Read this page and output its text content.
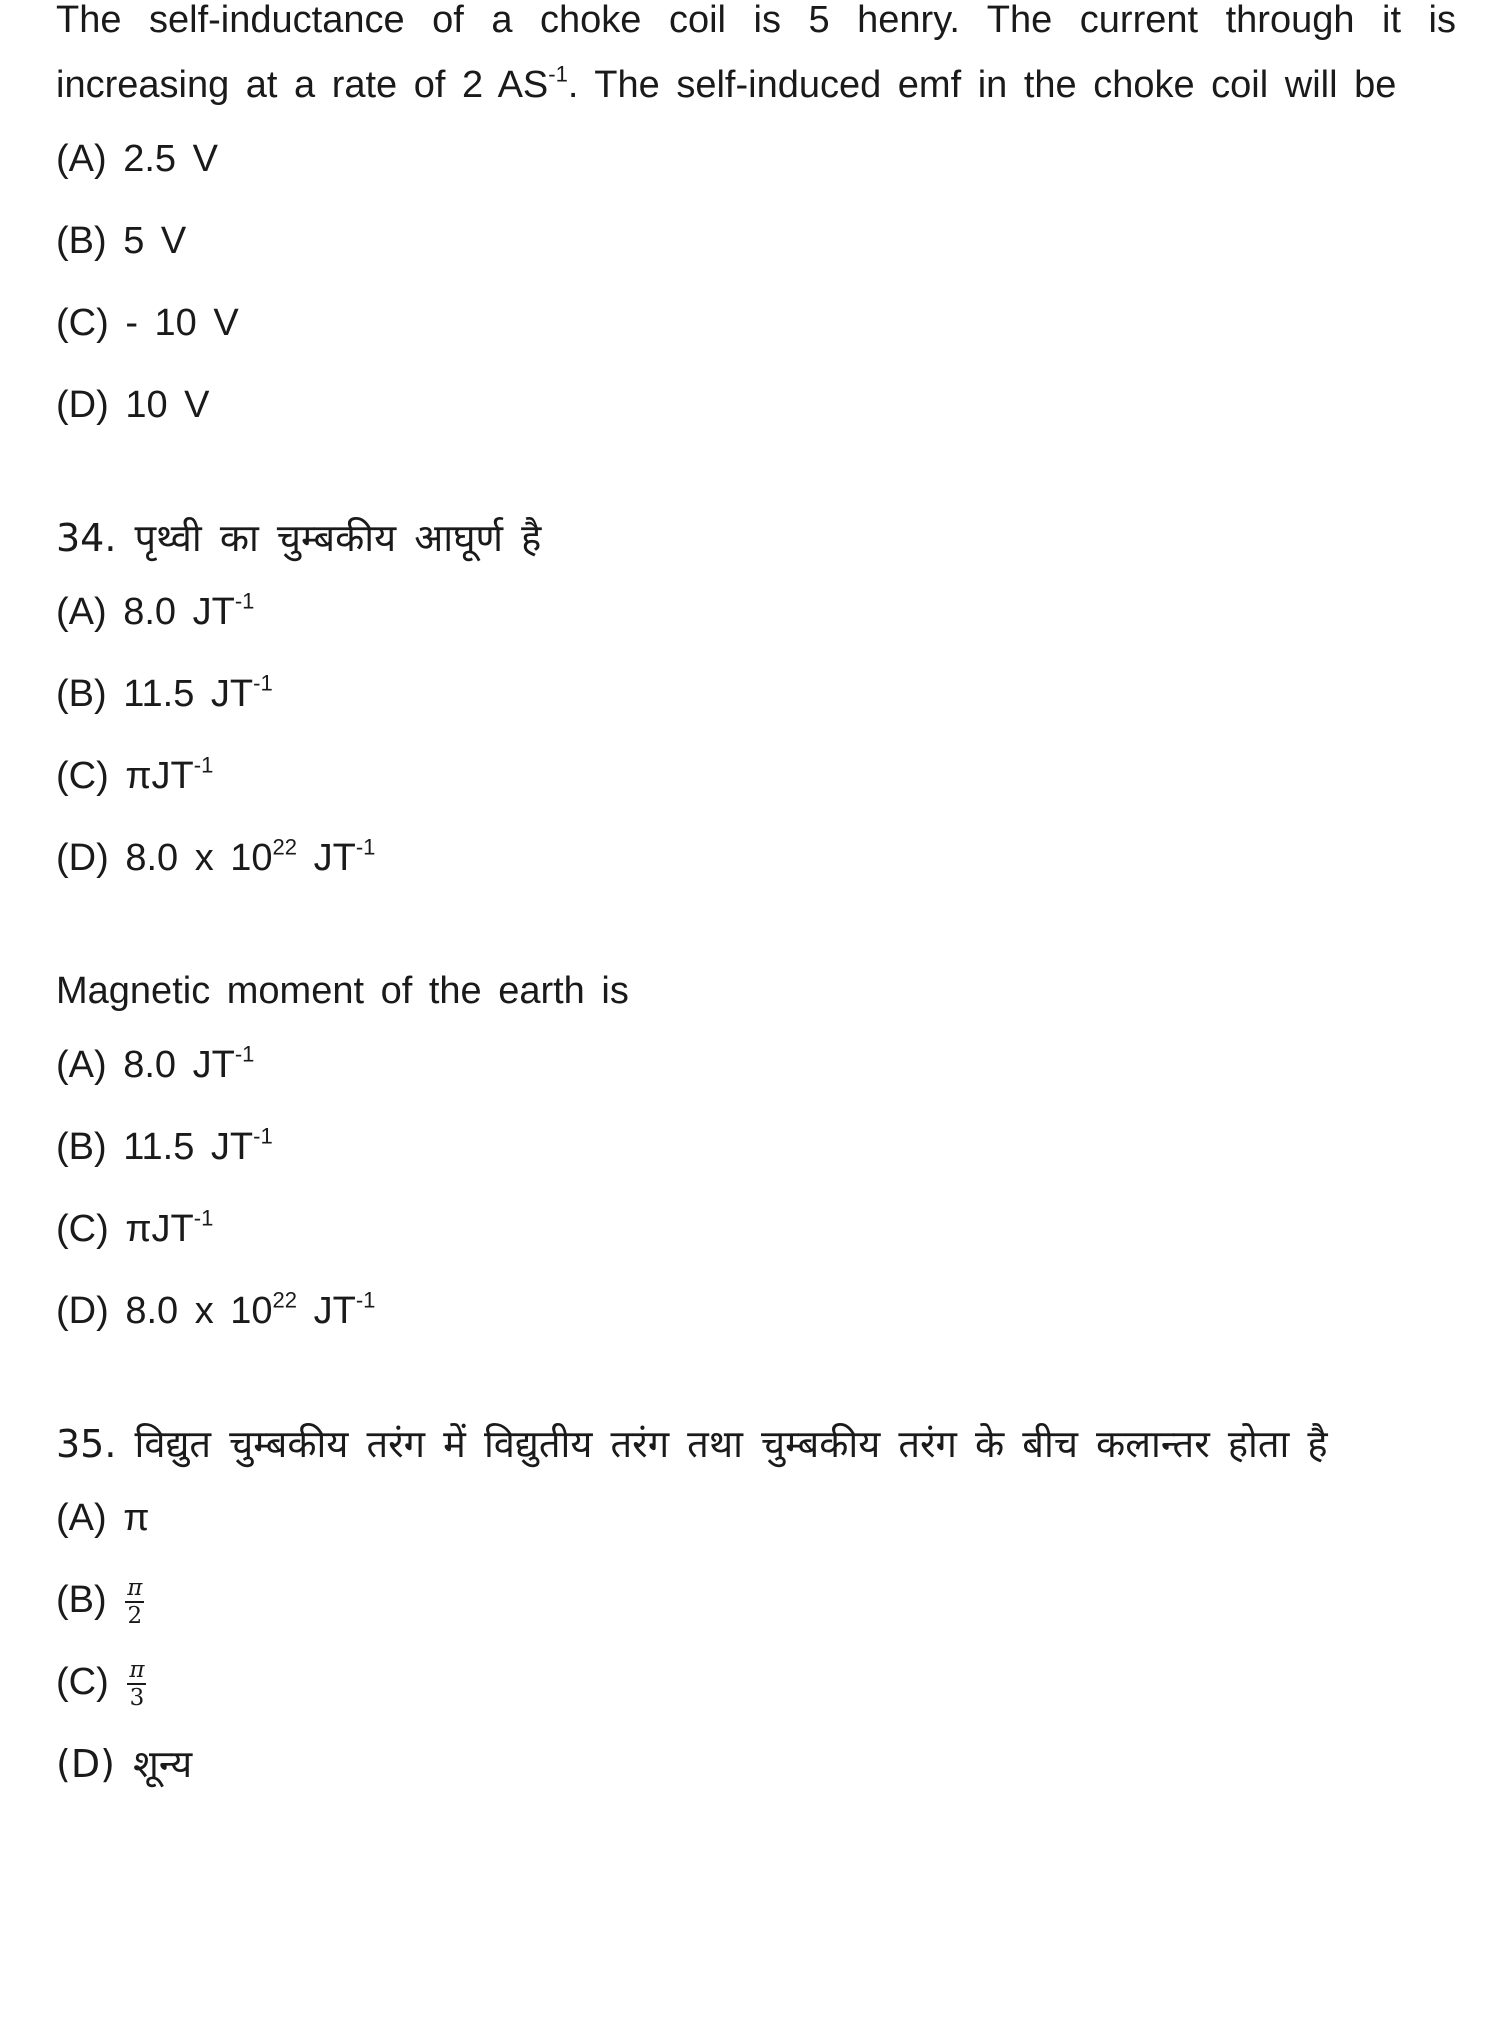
The self-inductance of a choke coil is 5 henry. The current through it is increasing at a rate of 2 $AS^{-1}$. The self-induced emf in the choke coil will be

(A) 2.5 V
(B) 5 V
(C) - 10 V
(D) 10 V

34. पृथ्वी का चुम्बकीय आघूर्ण है

(A) 8.0 $JT^{-1}$
(B) 11.5 $JT^{-1}$
(C) πJT$^{-1}$
(D) 8.0 x $10^{22}$ $JT^{-1}$

Magnetic moment of the earth is

(A) 8.0 $JT^{-1}$
(B) 11.5 $JT^{-1}$
(C) πJT$^{-1}$
(D) 8.0 x $10^{22}$ $JT^{-1}$

35. विद्युत चुम्बकीय तरंग में विद्युतीय तरंग तथा चुम्बकीय तरंग के बीच कलान्तर होता है

(A) π
$(B) \frac{\pi}{2}$
$(C) \frac{\pi}{3}$
(D) शून्य
